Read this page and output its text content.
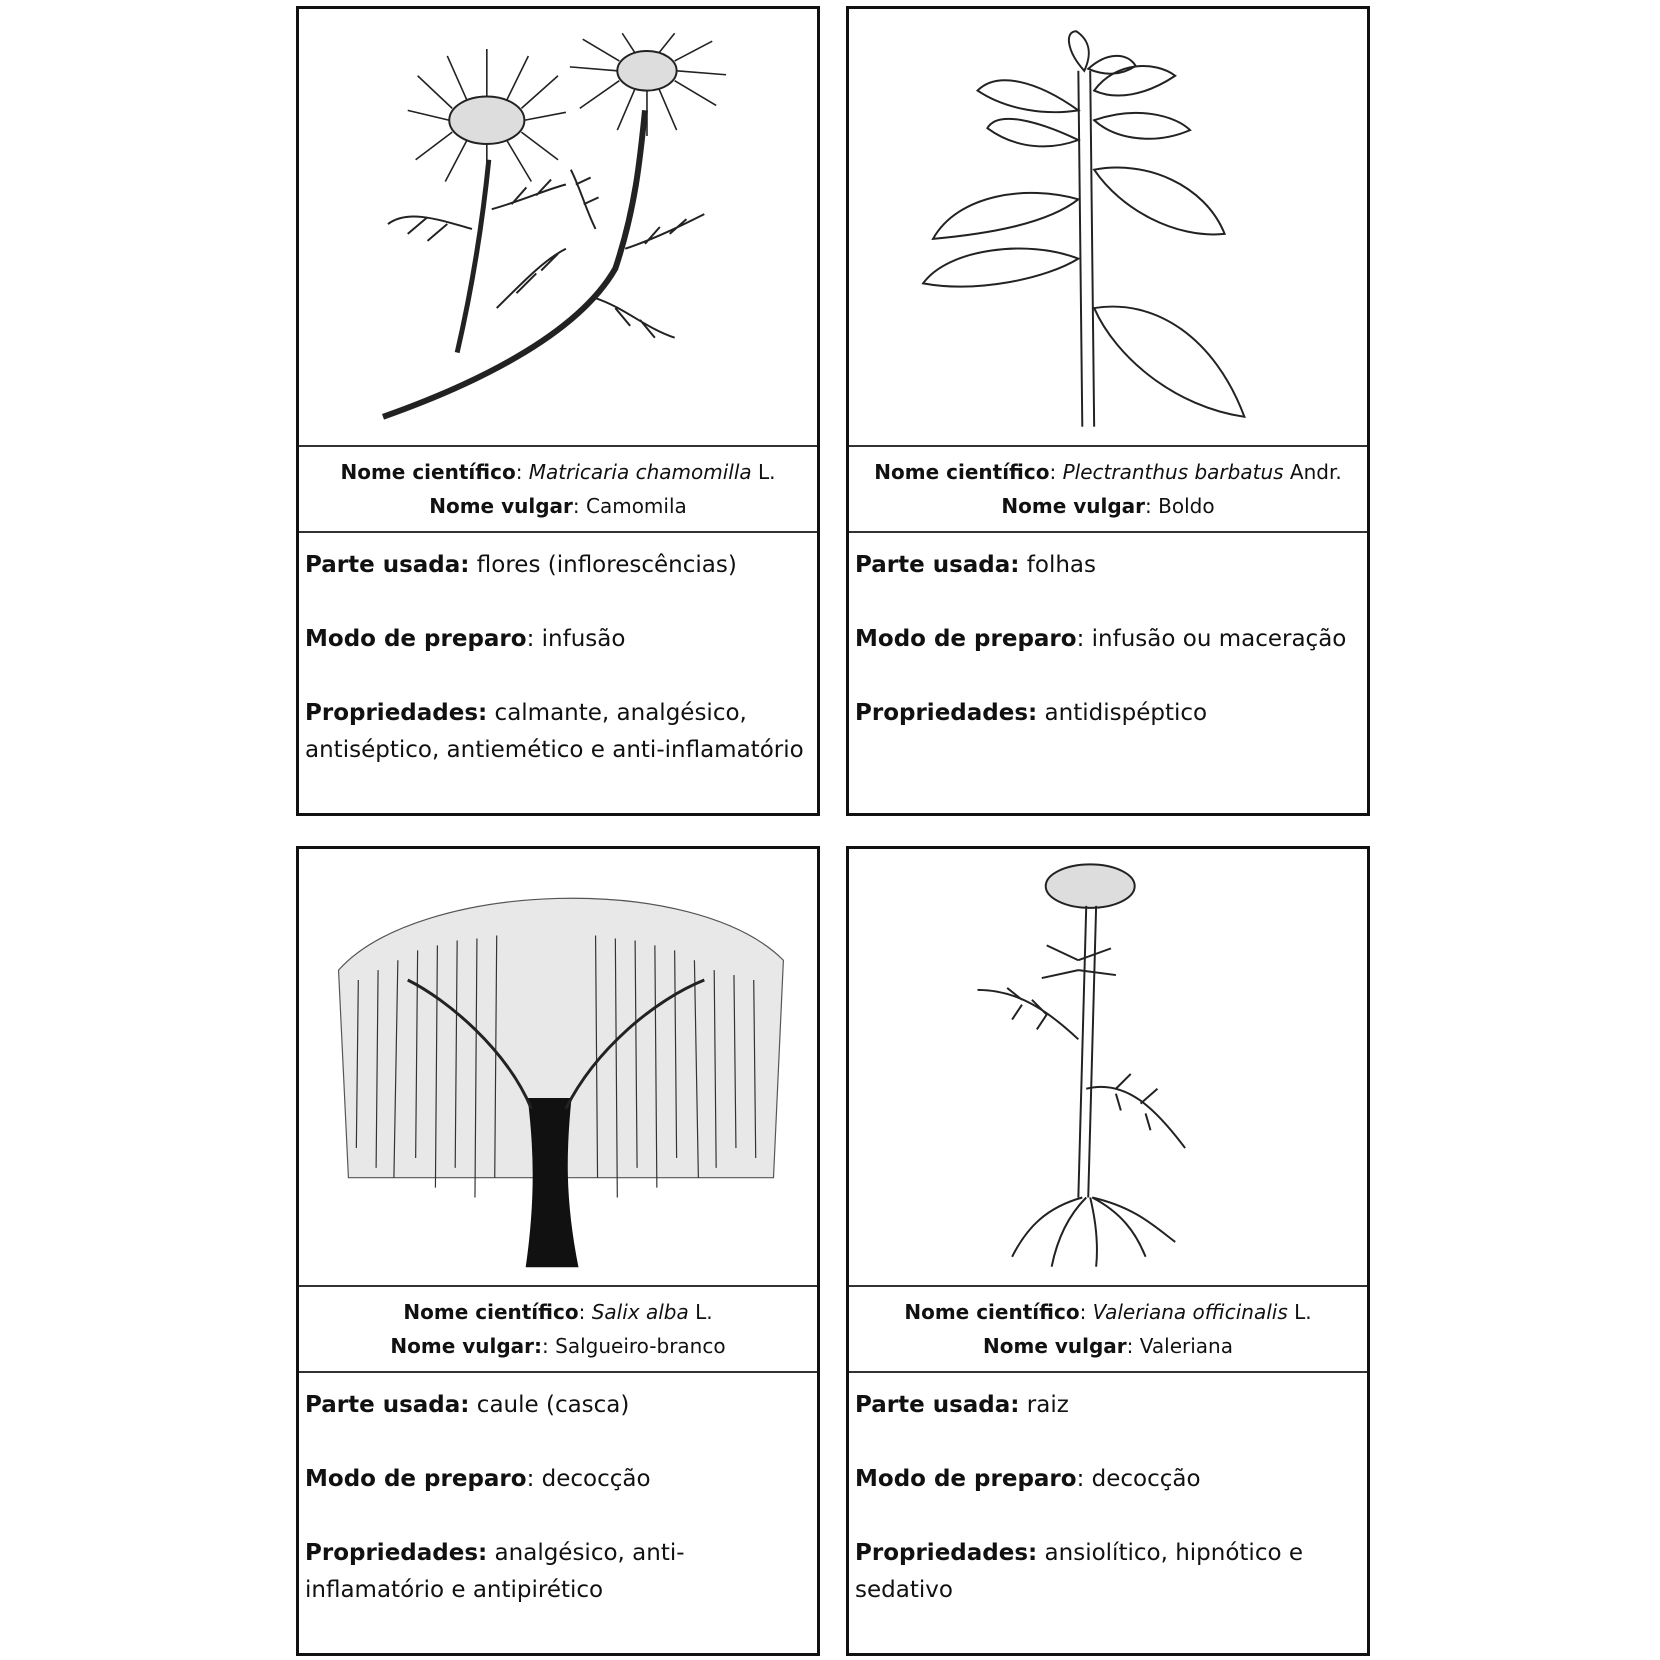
Nome científico: Matricaria chamomilla L.
Nome vulgar: Camomila

Parte usada: flores (inflorescências)

Modo de preparo: infusão

Propriedades: calmante, analgésico, antiséptico, antiemético e anti-inflamatório

Nome científico: Plectranthus barbatus Andr.
Nome vulgar: Boldo

Parte usada: folhas

Modo de preparo: infusão ou maceração

Propriedades: antidispéptico

Nome científico: Salix alba L.
Nome vulgar:: Salgueiro-branco

Parte usada: caule (casca)

Modo de preparo: decocção

Propriedades: analgésico, anti-inflamatório e antipirético

Nome científico: Valeriana officinalis L.
Nome vulgar: Valeriana

Parte usada: raiz

Modo de preparo: decocção

Propriedades: ansiolítico, hipnótico e sedativo
